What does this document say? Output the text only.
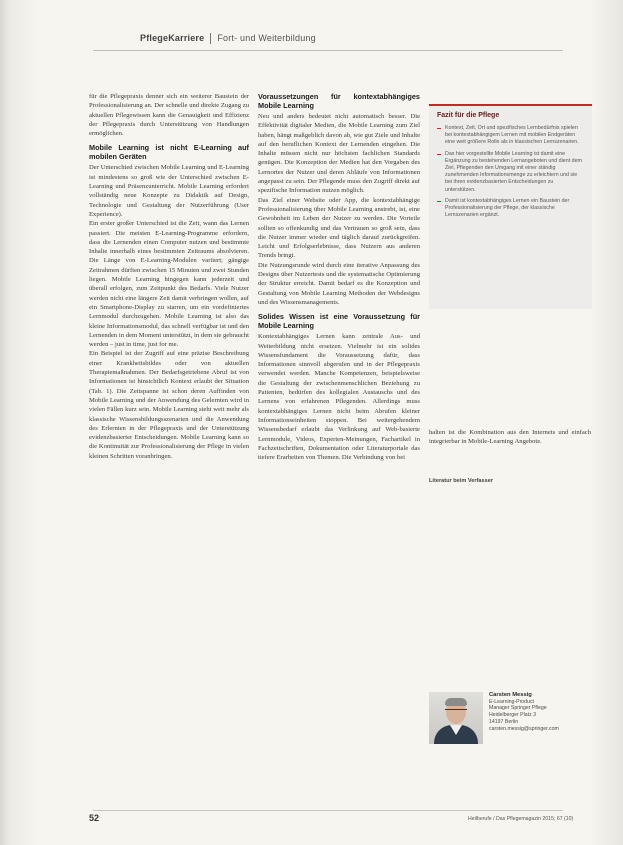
PflegeKarriere Fort- und Weiterbildung

für die Pflegepraxis denner sich ein weiterer Baustein der Professionalisierung an. Der schnelle und direkte Zugang zu aktuellen Pflegewissen kann die Genauigkeit und Effizienz der Pflegepraxis durch Unterstützung von Handlungen ermöglichen.

Mobile Learning ist nicht E-Learning auf mobilen Geräten

Der Unterschied zwischen Mobile Learning und E-Learning ist mindestens so groß wie der Unterschied zwischen E-Learning und Präsenzunterricht. Mobile Learning erfordert vollständig neue Konzepte zu Didaktik auf Design, Technologie und Gestaltung der Nutzerführung (User Experience).

Ein erster großer Unterschied ist die Zeit, wann das Lernen passiert. Die meisten E-Learning-Programme erfordern, dass die Lernenden einen Computer nutzen und bestimmte Inhalte innerhalb eines bestimmten Zeitraums absolvieren. Die Länge von E-Learning-Modulen variiert; gängige Zeitrahmen dürften zwischen 15 Minuten und zwei Stunden liegen. Mobile Learning hingegen kann jederzeit und überall erfolgen, zum Zeitpunkt des Bedarfs. Viele Nutzer werden nicht eine längere Zeit damit verbringen wollen, auf ein Smartphone-Display zu starren, um ein vordefiniertes Lernmodul durchzugehen. Mobile Learning ist also das kleine Informationsmodul, das schnell verfügbar ist und den Lernenden in dem Moment unterstützt, in dem sie gebraucht werden – just in time, just for me.

Ein Beispiel ist der Zugriff auf eine präzise Beschreibung einer Krankheitsbildes oder von aktuellen Therapiemaßnahmen. Der Bedarfsgetriebene Abruf ist von Informationen ist hinsichtlich Kontext erlaubt der Situation (Tab. 1). Die Zeitspanne ist schon deren Auffinden von Mobile Learning und der Anwendung des Gelernten wird in vielen Fällen kurz sein. Mobile Learning sieht weit mehr als klassische Wissensbildungsszenarien und die Anwendung des Erlernten in der Pflegepraxis und der Unterstützung evidenzbasierter Entscheidungen. Mobile Learning kann so die Kontinuität zur Professionalisierung der Pflege in vielen kleinen Schritten voranbringen.

Voraussetzungen für kontextabhängiges Mobile Learning

Neu und anders bedeutet nicht automatisch besser. Die Effektivität digitaler Medien, die Mobile Learning zum Ziel haben, hängt maßgeblich davon ab, wie gut Ziele und Inhalte auf den beruflichen Kontext der Lernenden eingehen. Die Inhalte müssen nicht nur höchsten fachlichen Standards genügen. Die Konzeption der Medien hat den Vorgaben des Lernortes der Nutzer und deren Abläufe von Informationen angepasst zu sein. Der Pflegende muss den Zugriff direkt auf spezifische Information nutzen möglich.

Das Ziel einer Website oder App, die kontextabhängige Professionalisierung über Mobile Learning anstrebt, ist, eine Gewohnheit im Leben der Nutzer zu werden. Die Vorteile sollten so offenkundig und das Vertrauen so groß sein, dass die Nutzer immer wieder und täglich darauf zurückgreifen. Leicht und Erfolgserlebnisse, dass Nutzern aus anderen Trends bringt.

Die Nutzungsrunde wird durch eine iterative Anpassung des Designs über Nutzertests und die systematische Optimierung der Struktur erreicht. Damit bedarf es die Konzeption und Gestaltung von Mobile Learning Methoden der Webdesigns und des Wissensmanagements.

Solides Wissen ist eine Voraussetzung für Mobile Learning

Kontextabhängiges Lernen kann zentrale Aus- und Weiterbildung nicht ersetzen. Vielmehr ist ein solides Wissensfundament die Voraussetzung dafür, dass Informationen sinnvoll abgerufen und in der Pflegepraxis verwendet werden. Manche Kompetenzen, beispielsweise die Gestaltung der zwischenmenschlichen Beziehung zu Patienten, bedürfen des kollegialen Austauschs und des Lernens von erfahrenen Pflegenden. Allerdings muss kontextabhängiges Lernen nicht beim Abrufen kleiner Informationseinheiten stoppen. Bei weitergehendem Wissensbedarf erlaubt das Verlinkung auf Web-basierte Lernmodule, Videos, Experten-Meinungen, Fachartikel in Fachzeitschriften, Dokumentation oder Literaturportale das tiefere Erarbeiten von Themen. Die Verbindung von bei

Fazit für die Pflege
Kontext, Zeit, Ort und spezifisches Lernbedürfnis spielen bei kontextabhängigem Lernen mit mobilen Endgeräten eine weit größere Rolle als in klassischen Lernszenarien.
Das hier vorgestellte Mobile Learning ist damit eine Ergänzung zu bestehenden Lernangeboten und dient dem Ziel, Pflegenden den Umgang mit einer ständig zunehmenden Informationsmenge zu erleichtern und sie bei ihren evidenzbasierten Entscheidungen zu unterstützen.
Damit ist kontextabhängiges Lernen ein Baustein der Professionalisierung der Pflege, der klassische Lernszenarien ergänzt.

halten ist die Kombination aus den Internets und einfach integrierbar in Mobile-Learning Angebote.

Literatur beim Verfasser
Carsten Messig
E-Learning-Product
Manager Springer Pflege
Heidelberger Platz 3
14197 Berlin
carsten.messig@springer.com
52	Heilberufe / Das Pflegemagazin 2015; 67 (10)
